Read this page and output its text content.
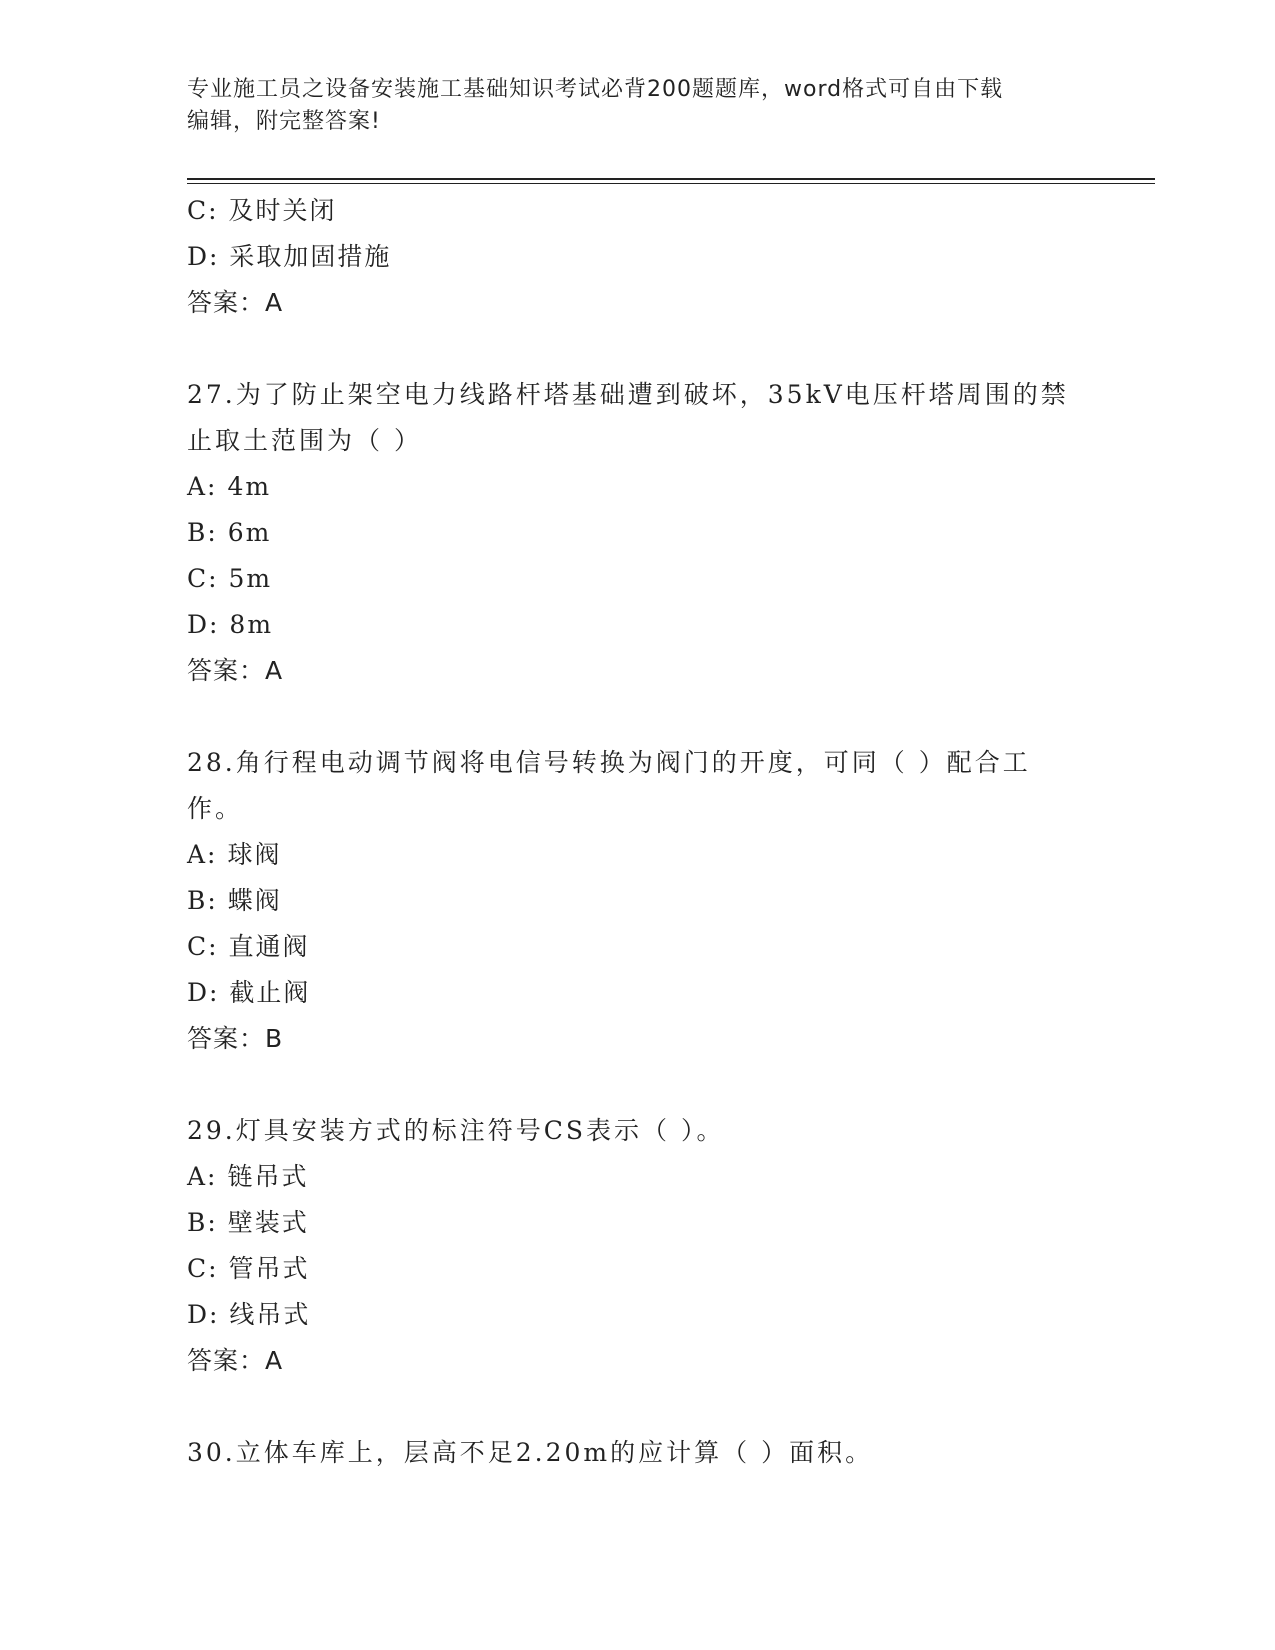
专业施工员之设备安装施工基础知识考试必背200题题库，word格式可自由下载
编辑，附完整答案!
C: 及时关闭
D: 采取加固措施
答案：A
27.为了防止架空电力线路杆塔基础遭到破坏，35kV电压杆塔周围的禁
止取土范围为（ ）
A: 4m
B: 6m
C: 5m
D: 8m
答案：A
28.角行程电动调节阀将电信号转换为阀门的开度，可同（ ）配合工
作。
A: 球阀
B: 蝶阀
C: 直通阀
D: 截止阀
答案：B
29.灯具安装方式的标注符号CS表示（ ）。
A: 链吊式
B: 壁装式
C: 管吊式
D: 线吊式
答案：A
30.立体车库上，层高不足2.20m的应计算（ ）面积。
